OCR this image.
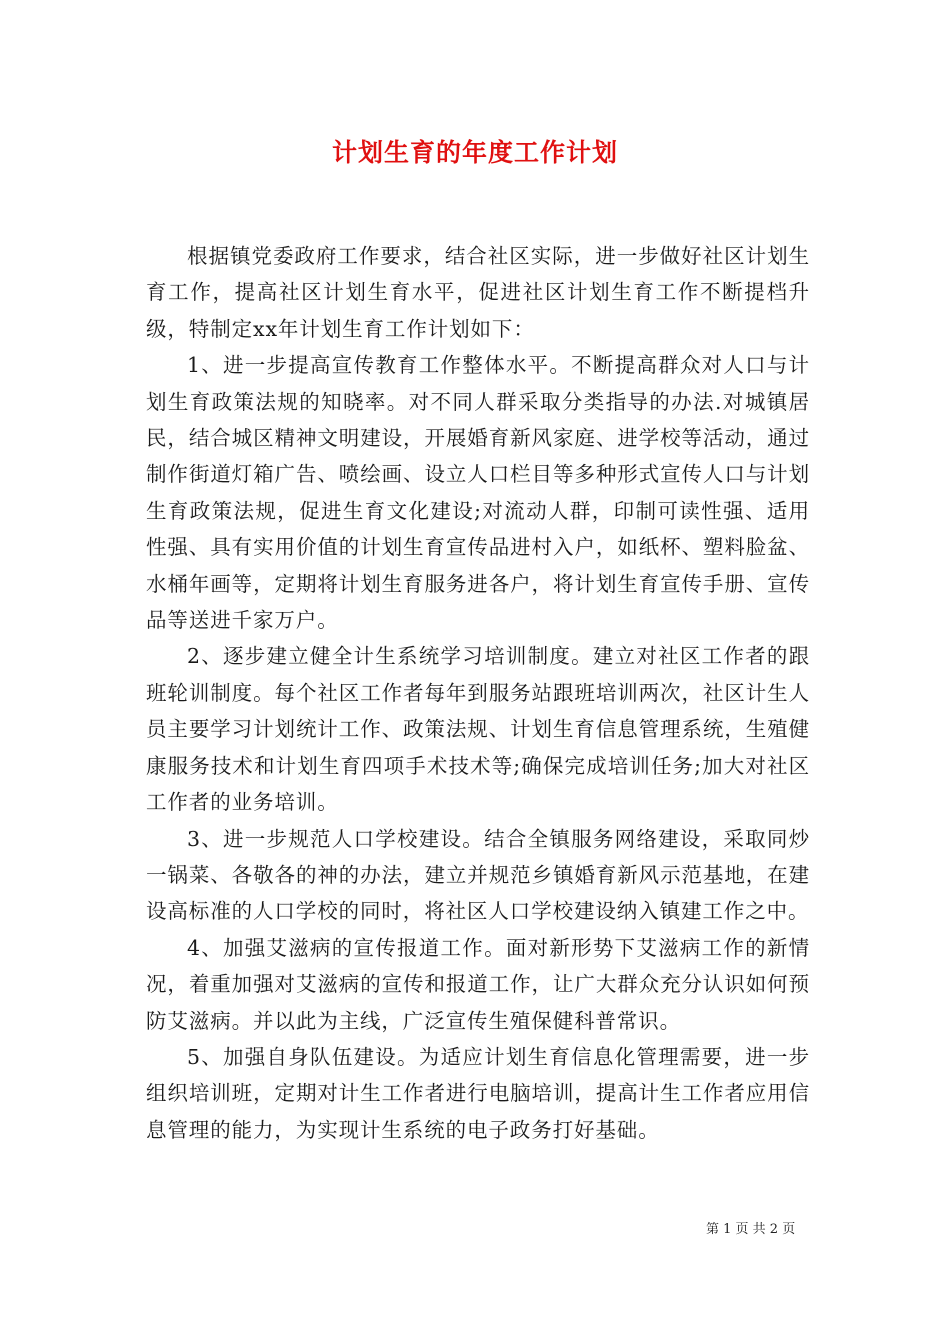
计划生育的年度工作计划

根据镇党委政府工作要求，结合社区实际，进一步做好社区计划生育工作，提高社区计划生育水平，促进社区计划生育工作不断提档升级，特制定xx年计划生育工作计划如下：

1、进一步提高宣传教育工作整体水平。不断提高群众对人口与计划生育政策法规的知晓率。对不同人群采取分类指导的办法.对城镇居民，结合城区精神文明建设，开展婚育新风家庭、进学校等活动，通过制作街道灯箱广告、喷绘画、设立人口栏目等多种形式宣传人口与计划生育政策法规，促进生育文化建设;对流动人群，印制可读性强、适用性强、具有实用价值的计划生育宣传品进村入户，如纸杯、塑料脸盆、水桶年画等，定期将计划生育服务进各户，将计划生育宣传手册、宣传品等送进千家万户。

2、逐步建立健全计生系统学习培训制度。建立对社区工作者的跟班轮训制度。每个社区工作者每年到服务站跟班培训两次，社区计生人员主要学习计划统计工作、政策法规、计划生育信息管理系统，生殖健康服务技术和计划生育四项手术技术等;确保完成培训任务;加大对社区工作者的业务培训。

3、进一步规范人口学校建设。结合全镇服务网络建设，采取同炒一锅菜、各敬各的神的办法，建立并规范乡镇婚育新风示范基地，在建设高标准的人口学校的同时，将社区人口学校建设纳入镇建工作之中。

4、加强艾滋病的宣传报道工作。面对新形势下艾滋病工作的新情况，着重加强对艾滋病的宣传和报道工作，让广大群众充分认识如何预防艾滋病。并以此为主线，广泛宣传生殖保健科普常识。

5、加强自身队伍建设。为适应计划生育信息化管理需要，进一步组织培训班，定期对计生工作者进行电脑培训，提高计生工作者应用信息管理的能力，为实现计生系统的电子政务打好基础。

第 1 页 共 2 页
